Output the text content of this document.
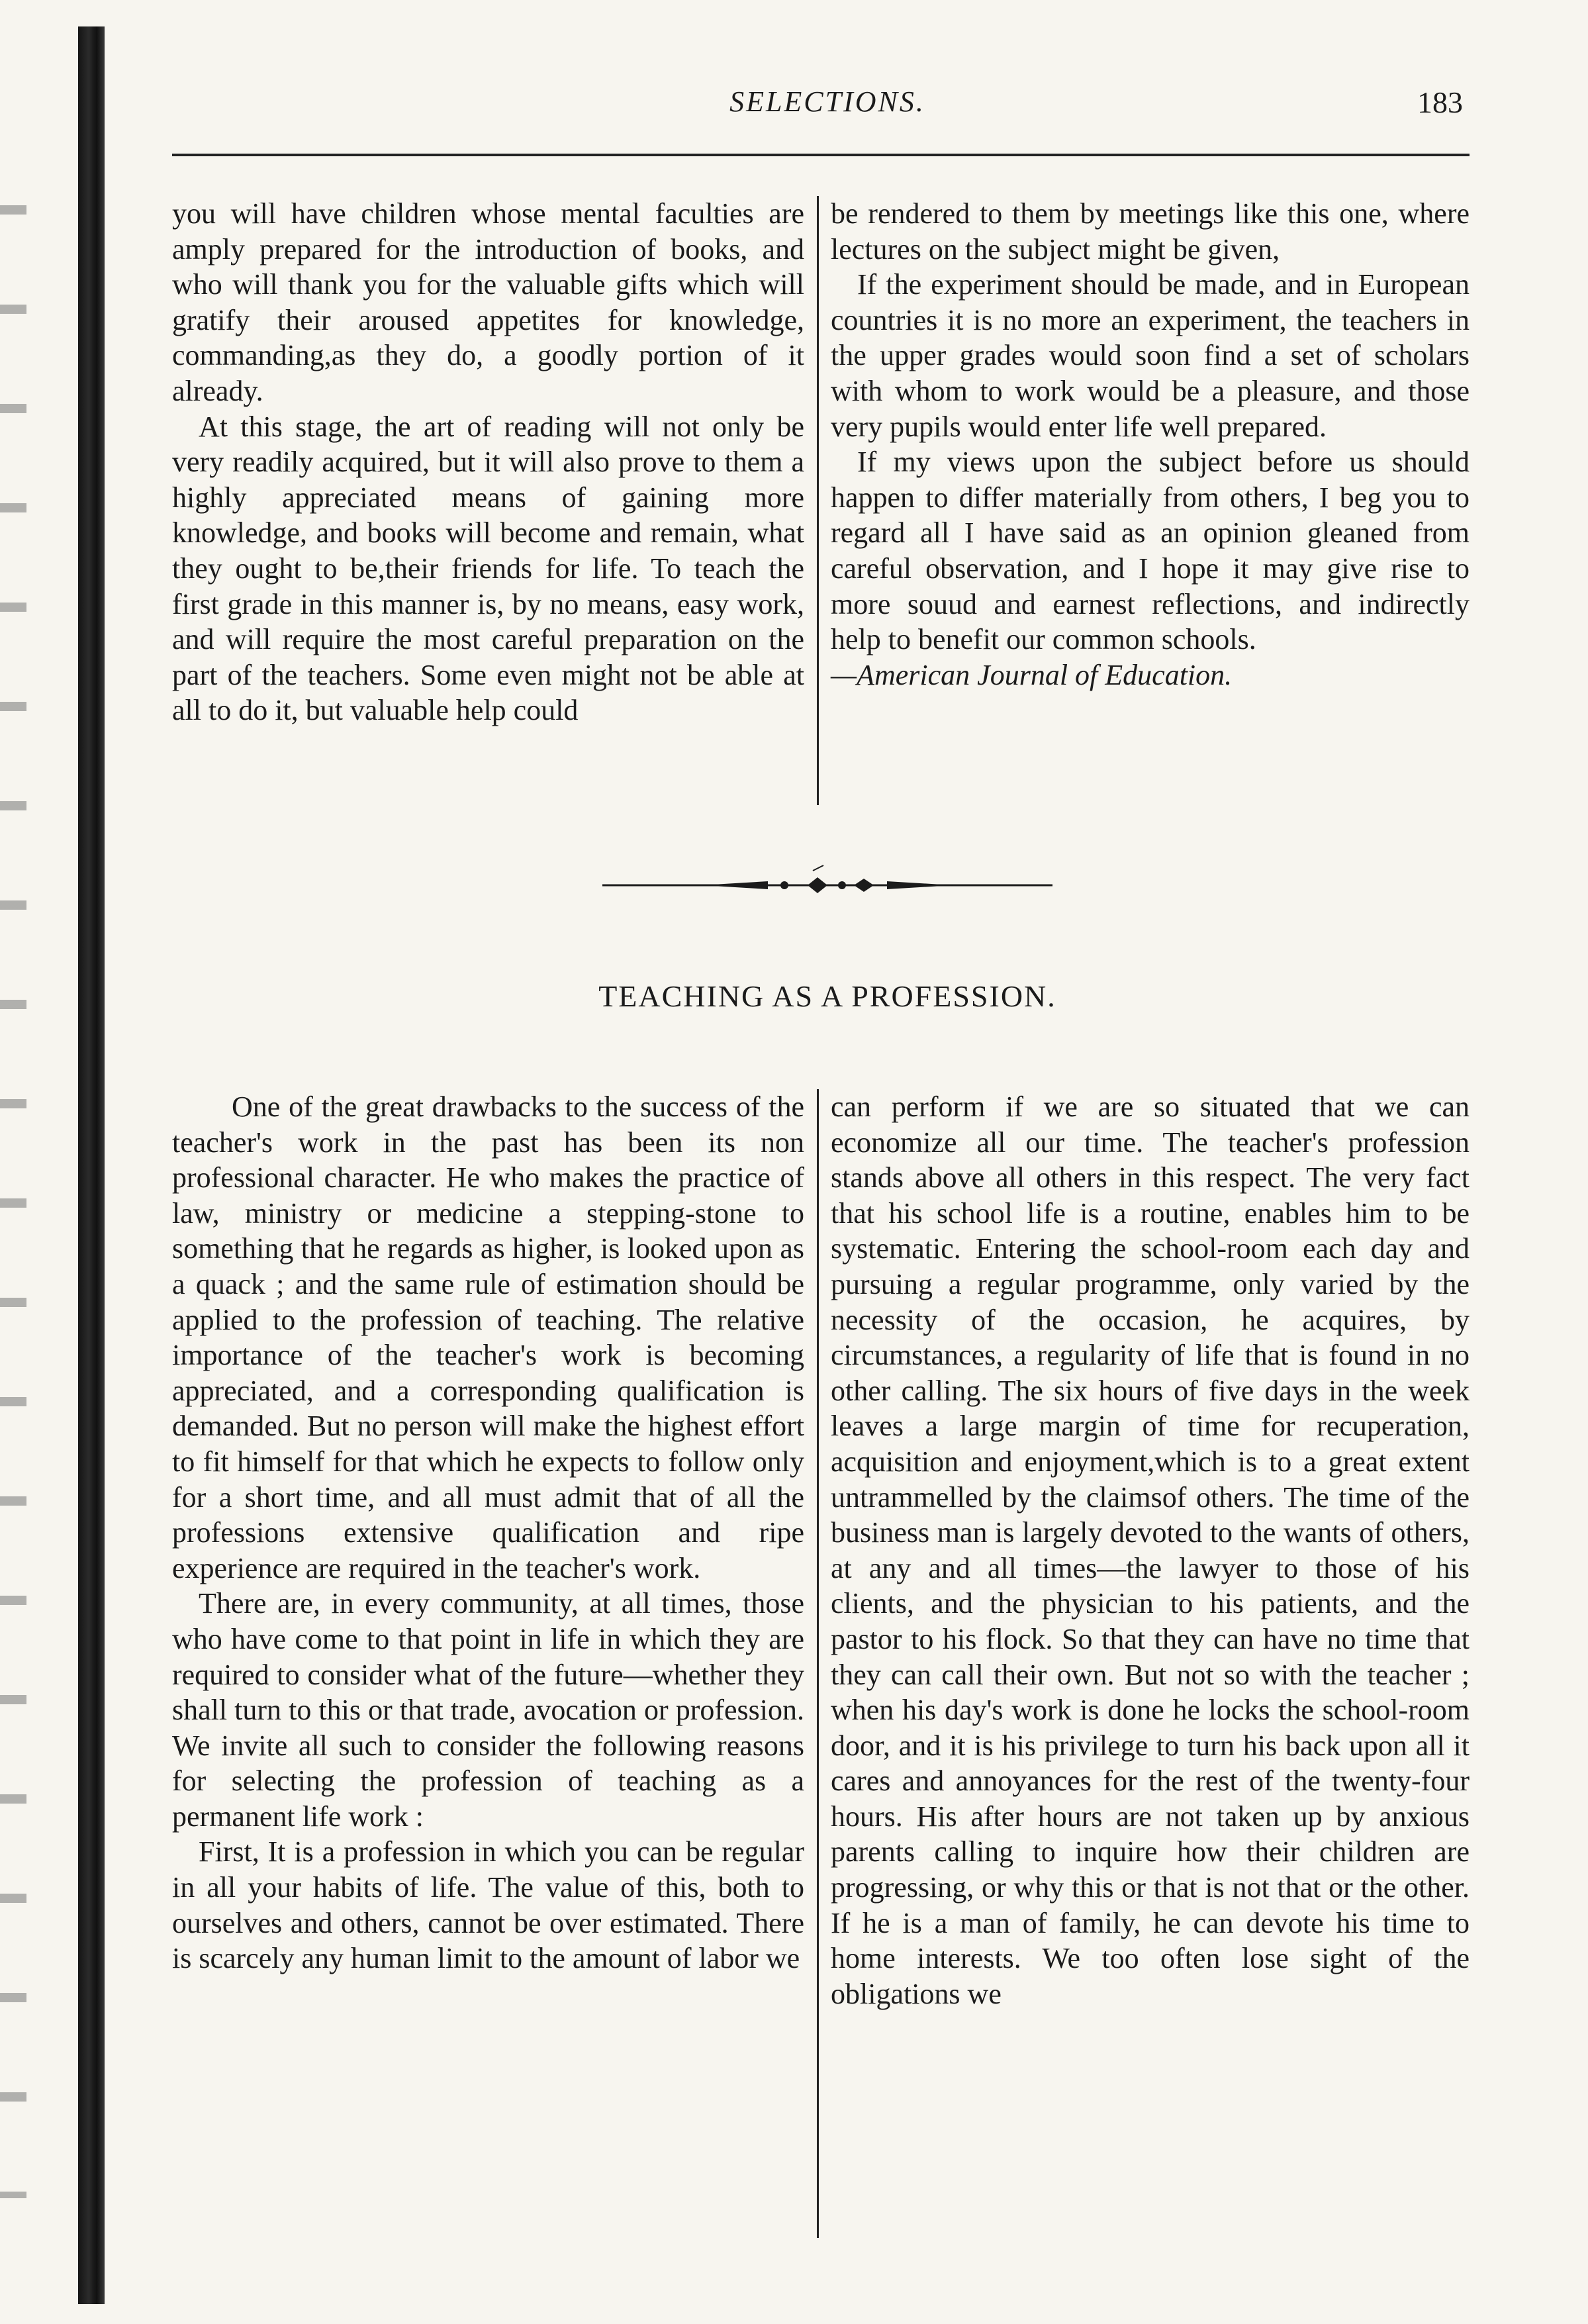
SELECTIONS.	183

you will have children whose mental faculties are amply prepared for the introduction of books, and who will thank you for the valuable gifts which will gratify their aroused appetites for knowledge, commanding,as they do, a goodly portion of it already.

At this stage, the art of reading will not only be very readily acquired, but it will also prove to them a highly appreciated means of gaining more knowledge, and books will become and remain, what they ought to be,their friends for life. To teach the first grade in this manner is, by no means, easy work, and will require the most careful preparation on the part of the teachers. Some even might not be able at all to do it, but valuable help could

be rendered to them by meetings like this one, where lectures on the subject might be given,

If the experiment should be made, and in European countries it is no more an experiment, the teachers in the upper grades would soon find a set of scholars with whom to work would be a pleasure, and those very pupils would enter life well prepared.

If my views upon the subject before us should happen to differ materially from others, I beg you to regard all I have said as an opinion gleaned from careful observation, and I hope it may give rise to more souud and earnest reflections, and indirectly help to benefit our common schools.

—American Journal of Education.

TEACHING AS A PROFESSION.

One of the great drawbacks to the success of the teacher's work in the past has been its non professional character. He who makes the practice of law, ministry or medicine a stepping-stone to something that he regards as higher, is looked upon as a quack ; and the same rule of estimation should be applied to the profession of teaching. The relative importance of the teacher's work is becoming appreciated, and a corresponding qualification is demanded. But no person will make the highest effort to fit himself for that which he expects to follow only for a short time, and all must admit that of all the professions extensive qualification and ripe experience are required in the teacher's work.

There are, in every community, at all times, those who have come to that point in life in which they are required to consider what of the future—whether they shall turn to this or that trade, avocation or profession. We invite all such to consider the following reasons for selecting the profession of teaching as a permanent life work :

First, It is a profession in which you can be regular in all your habits of life. The value of this, both to ourselves and others, cannot be over estimated. There is scarcely any human limit to the amount of labor we

can perform if we are so situated that we can economize all our time. The teacher's profession stands above all others in this respect. The very fact that his school life is a routine, enables him to be systematic. Entering the school-room each day and pursuing a regular programme, only varied by the necessity of the occasion, he acquires, by circumstances, a regularity of life that is found in no other calling. The six hours of five days in the week leaves a large margin of time for recuperation, acquisition and enjoyment,which is to a great extent untrammelled by the claimsof others. The time of the business man is largely devoted to the wants of others, at any and all times—the lawyer to those of his clients, and the physician to his patients, and the pastor to his flock. So that they can have no time that they can call their own. But not so with the teacher ; when his day's work is done he locks the school-room door, and it is his privilege to turn his back upon all it cares and annoyances for the rest of the twenty-four hours. His after hours are not taken up by anxious parents calling to inquire how their children are progressing, or why this or that is not that or the other. If he is a man of family, he can devote his time to home interests. We too often lose sight of the obligations we
